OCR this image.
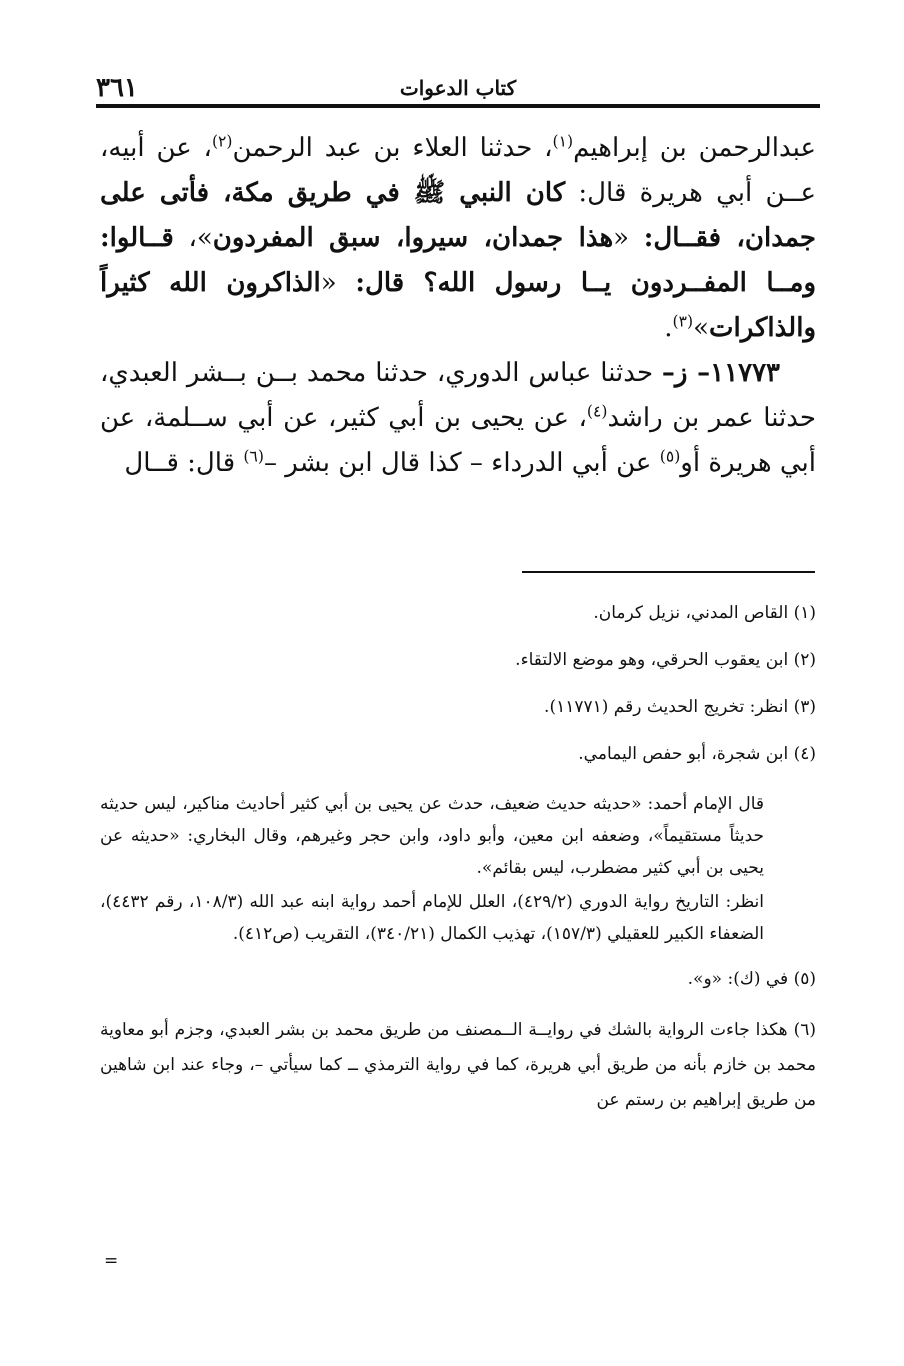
كتاب الدعوات
٣٦١

عبدالرحمن بن إبراهيم$^{(١)}$، حدثنا العلاء بن عبد الرحمن$^{(٢)}$، عن أبيه، عــن أبي هريرة قال: كان النبي ﷺ في طريق مكة، فأتى على جمدان، فقــال: «هذا جمدان، سيروا، سبق المفردون»، قــالوا: ومــا المفــردون يــا رسول الله؟ قال: «الذاكرون الله كثيراً والذاكرات»$^{(٣)}$.

١١٧٧٣– ز– حدثنا عباس الدوري، حدثنا محمد بــن بــشر العبدي، حدثنا عمر بن راشد$^{(٤)}$، عن يحيى بن أبي كثير، عن أبي ســلمة، عن أبي هريرة أو$^{(٥)}$ عن أبي الدرداء – كذا قال ابن بشر –$^{(٦)}$ قال: قــال

(١) القاص المدني، نزيل كرمان.

(٢) ابن يعقوب الحرقي، وهو موضع الالتقاء.

(٣) انظر: تخريج الحديث رقم (١١٧٧١).

(٤) ابن شجرة، أبو حفص اليمامي.

قال الإمام أحمد: «حديثه حديث ضعيف، حدث عن يحيى بن أبي كثير أحاديث مناكير، ليس حديثه حديثاً مستقيماً»، وضعفه ابن معين، وأبو داود، وابن حجر وغيرهم، وقال البخاري: «حديثه عن يحيى بن أبي كثير مضطرب، ليس بقائم».

انظر: التاريخ رواية الدوري (٤٢٩/٢)، العلل للإمام أحمد رواية ابنه عبد الله (١٠٨/٣، رقم ٤٤٣٢)، الضعفاء الكبير للعقيلي (١٥٧/٣)، تهذيب الكمال (٣٤٠/٢١)، التقريب (ص٤١٢).

(٥) في (ك): «و».

(٦) هكذا جاءت الرواية بالشك في روايــة الــمصنف من طريق محمد بن بشر العبدي، وجزم أبو معاوية محمد بن خازم بأنه من طريق أبي هريرة، كما في رواية الترمذي ــ كما سيأتي –، وجاء عند ابن شاهين من طريق إبراهيم بن رستم عن

=
